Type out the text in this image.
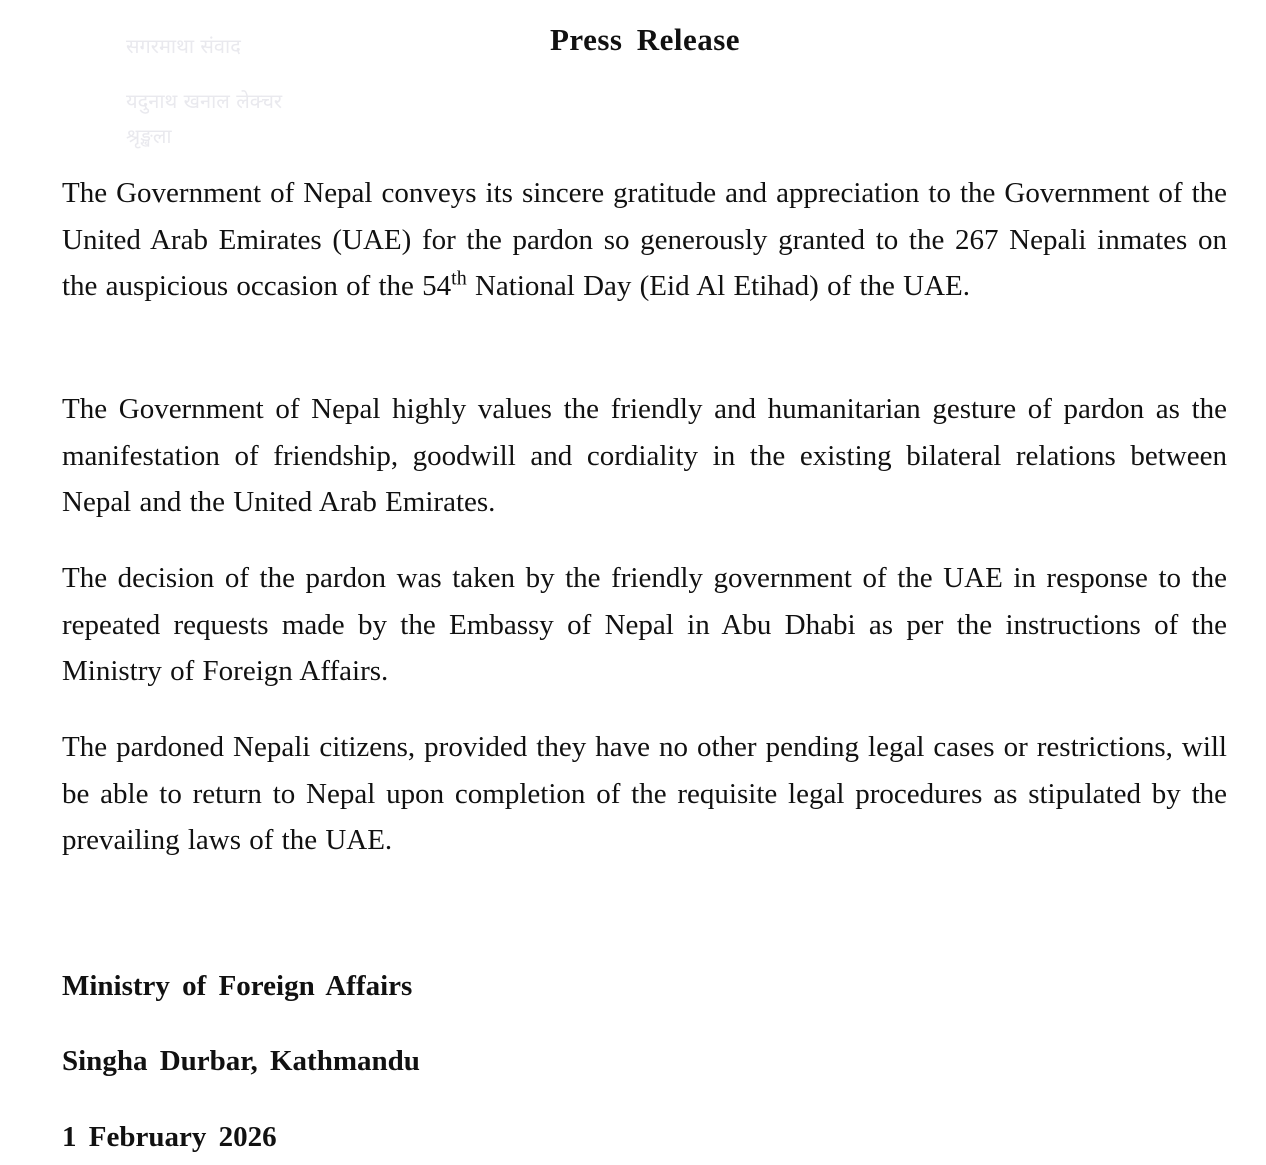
सगरमाथा संवाद
यदुनाथ खनाल लेक्चर
श्रृङ्खला
Press Release

The Government of Nepal conveys its sincere gratitude and appreciation to the Government of the United Arab Emirates (UAE) for the pardon so generously granted to the 267 Nepali inmates on the auspicious occasion of the 54th National Day (Eid Al Etihad) of the UAE.

The Government of Nepal highly values the friendly and humanitarian gesture of pardon as the manifestation of friendship, goodwill and cordiality in the existing bilateral relations between Nepal and the United Arab Emirates.

The decision of the pardon was taken by the friendly government of the UAE in response to the repeated requests made by the Embassy of Nepal in Abu Dhabi as per the instructions of the Ministry of Foreign Affairs.

The pardoned Nepali citizens, provided they have no other pending legal cases or restrictions, will be able to return to Nepal upon completion of the requisite legal procedures as stipulated by the prevailing laws of the UAE.

Ministry of Foreign Affairs

Singha Durbar, Kathmandu

1 February 2026
